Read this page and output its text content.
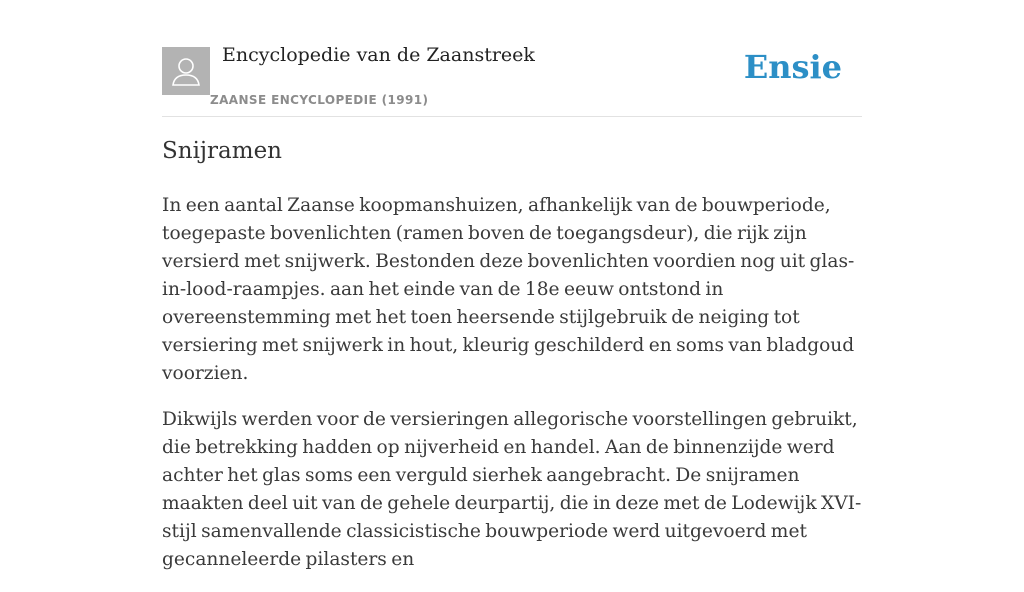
Encyclopedie van de Zaanstreek
ZAANSE ENCYCLOPEDIE (1991)
Ensie
Snijramen

In een aantal Zaanse koopmanshuizen, afhankelijk van de bouwperiode, toegepaste bovenlichten (ramen boven de toegangsdeur), die rijk zijn versierd met snijwerk. Bestonden deze bovenlichten voordien nog uit glas-in-lood-raampjes. aan het einde van de 18e eeuw ontstond in overeenstemming met het toen heersende stijlgebruik de neiging tot versiering met snijwerk in hout, kleurig geschilderd en soms van bladgoud voorzien.

Dikwijls werden voor de versieringen allegorische voorstellingen gebruikt, die betrekking hadden op nijverheid en handel. Aan de binnenzijde werd achter het glas soms een verguld sierhek aangebracht. De snijramen maakten deel uit van de gehele deurpartij, die in deze met de Lodewijk XVI-stijl samenvallende classicistische bouwperiode werd uitgevoerd met gecanneleerde pilasters en
